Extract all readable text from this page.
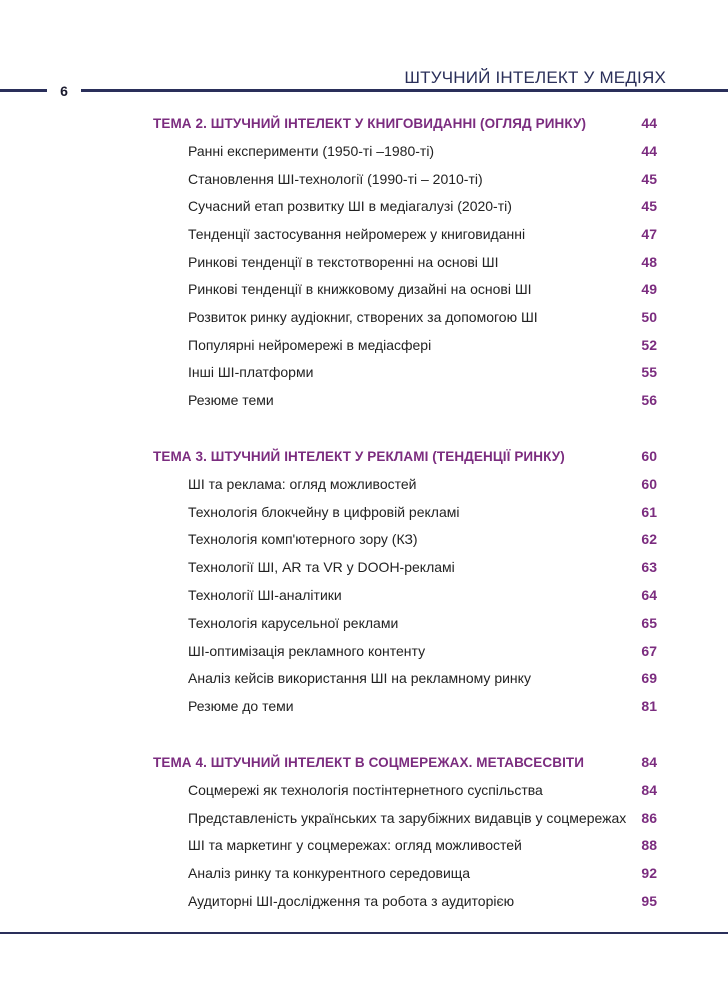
6
ШТУЧНИЙ ІНТЕЛЕКТ У МЕДІЯХ
ТЕМА 2. ШТУЧНИЙ ІНТЕЛЕКТ У КНИГОВИДАННІ (ОГЛЯД РИНКУ)	44
Ранні експерименти (1950-ті –1980-ті)	44
Становлення ШІ-технології (1990-ті – 2010-ті)	45
Сучасний етап розвитку ШІ в медіагалузі (2020-ті)	45
Тенденції застосування нейромереж у книговиданні	47
Ринкові тенденції в текстотворенні на основі ШІ	48
Ринкові тенденції в книжковому дизайні на основі ШІ	49
Розвиток ринку аудіокниг, створених за допомогою ШІ	50
Популярні нейромережі в медіасфері	52
Інші ШІ-платформи	55
Резюме теми	56
ТЕМА 3. ШТУЧНИЙ ІНТЕЛЕКТ У РЕКЛАМІ (ТЕНДЕНЦІЇ РИНКУ)	60
ШІ та реклама: огляд можливостей	60
Технологія блокчейну в цифровій рекламі	61
Технологія комп'ютерного зору (КЗ)	62
Технології ШІ, AR та VR у DOOH-рекламі	63
Технології ШІ-аналітики	64
Технологія карусельної реклами	65
ШІ-оптимізація рекламного контенту	67
Аналіз кейсів використання ШІ на рекламному ринку	69
Резюме до теми	81
ТЕМА 4. ШТУЧНИЙ ІНТЕЛЕКТ В СОЦМЕРЕЖАХ. МЕТАВСЕСВІТИ	84
Соцмережі як технологія постінтернетного суспільства	84
Представленість українських та зарубіжних видавців у соцмережах 86
ШІ та маркетинг у соцмережах: огляд можливостей	88
Аналіз ринку та конкурентного середовища	92
Аудиторні ШІ-дослідження та робота з аудиторією	95
